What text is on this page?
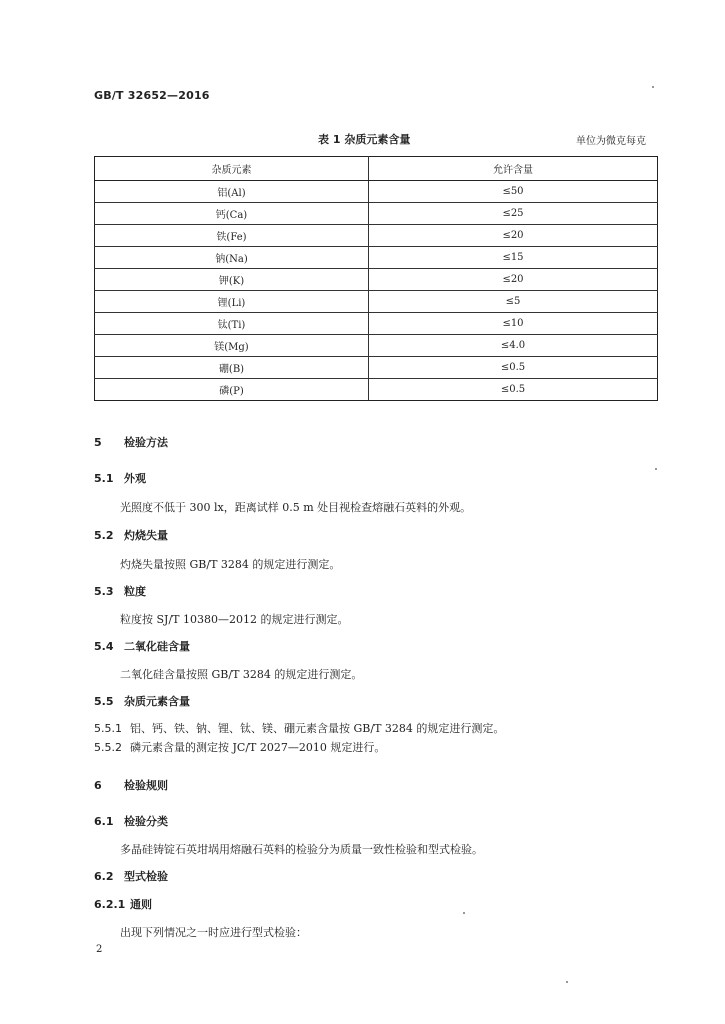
GB/T 32652—2016
表 1 杂质元素含量	单位为微克每克
杂质元素	允许含量
铝(Al)	≤50
钙(Ca)	≤25
铁(Fe)	≤20
钠(Na)	≤15
钾(K)	≤20
锂(Li)	≤5
钛(Ti)	≤10
镁(Mg)	≤4.0
硼(B)	≤0.5
磷(P)	≤0.5
5 检验方法
5.1 外观
光照度不低于 300 lx，距离试样 0.5 m 处目视检查熔融石英料的外观。
5.2 灼烧失量
灼烧失量按照 GB/T 3284 的规定进行测定。
5.3 粒度
粒度按 SJ/T 10380—2012 的规定进行测定。
5.4 二氧化硅含量
二氧化硅含量按照 GB/T 3284 的规定进行测定。
5.5 杂质元素含量
5.5.1 铝、钙、铁、钠、锂、钛、镁、硼元素含量按 GB/T 3284 的规定进行测定。
5.5.2 磷元素含量的测定按 JC/T 2027—2010 规定进行。
6 检验规则
6.1 检验分类
多晶硅铸锭石英坩埚用熔融石英料的检验分为质量一致性检验和型式检验。
6.2 型式检验
6.2.1 通则
出现下列情况之一时应进行型式检验：
2
